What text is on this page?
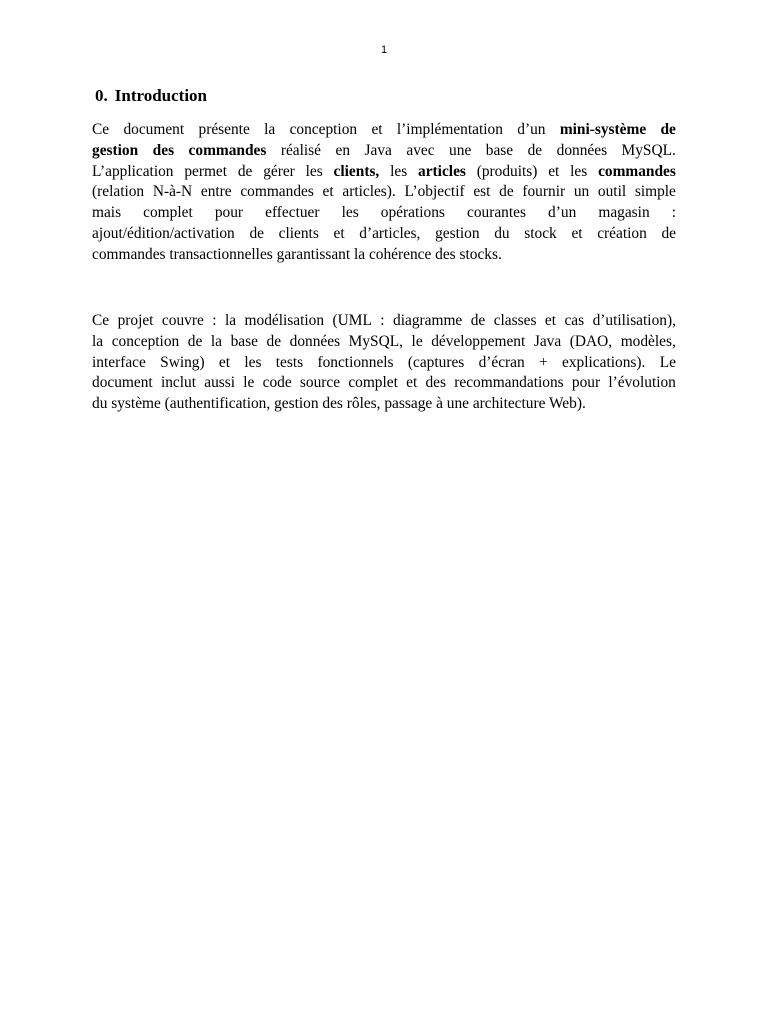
1
0. Introduction
Ce document présente la conception et l’implémentation d’un mini-système de
gestion des commandes réalisé en Java avec une base de données MySQL.
L’application permet de gérer les clients, les articles (produits) et les commandes
(relation N-à-N entre commandes et articles). L’objectif est de fournir un outil simple
mais complet pour effectuer les opérations courantes d’un magasin :
ajout/édition/activation de clients et d’articles, gestion du stock et création de
commandes transactionnelles garantissant la cohérence des stocks.
Ce projet couvre : la modélisation (UML : diagramme de classes et cas d’utilisation),
la conception de la base de données MySQL, le développement Java (DAO, modèles,
interface Swing) et les tests fonctionnels (captures d’écran + explications). Le
document inclut aussi le code source complet et des recommandations pour l’évolution
du système (authentification, gestion des rôles, passage à une architecture Web).
